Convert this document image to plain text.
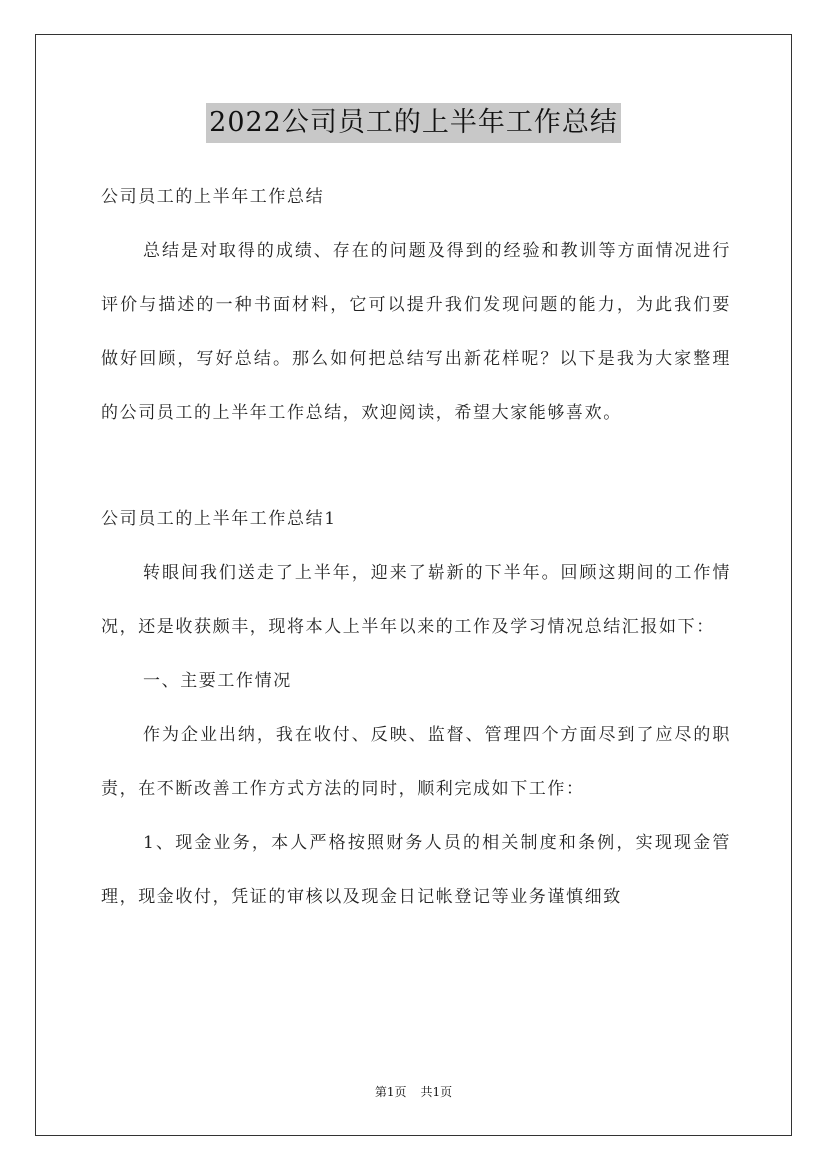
2022公司员工的上半年工作总结

公司员工的上半年工作总结

总结是对取得的成绩、存在的问题及得到的经验和教训等方面情况进行评价与描述的一种书面材料，它可以提升我们发现问题的能力，为此我们要做好回顾，写好总结。那么如何把总结写出新花样呢？以下是我为大家整理的公司员工的上半年工作总结，欢迎阅读，希望大家能够喜欢。

公司员工的上半年工作总结1

转眼间我们送走了上半年，迎来了崭新的下半年。回顾这期间的工作情况，还是收获颇丰，现将本人上半年以来的工作及学习情况总结汇报如下：

一、主要工作情况

作为企业出纳，我在收付、反映、监督、管理四个方面尽到了应尽的职责，在不断改善工作方式方法的同时，顺利完成如下工作：

1、现金业务，本人严格按照财务人员的相关制度和条例，实现现金管理，现金收付，凭证的审核以及现金日记帐登记等业务谨慎细致

第1页 共1页
